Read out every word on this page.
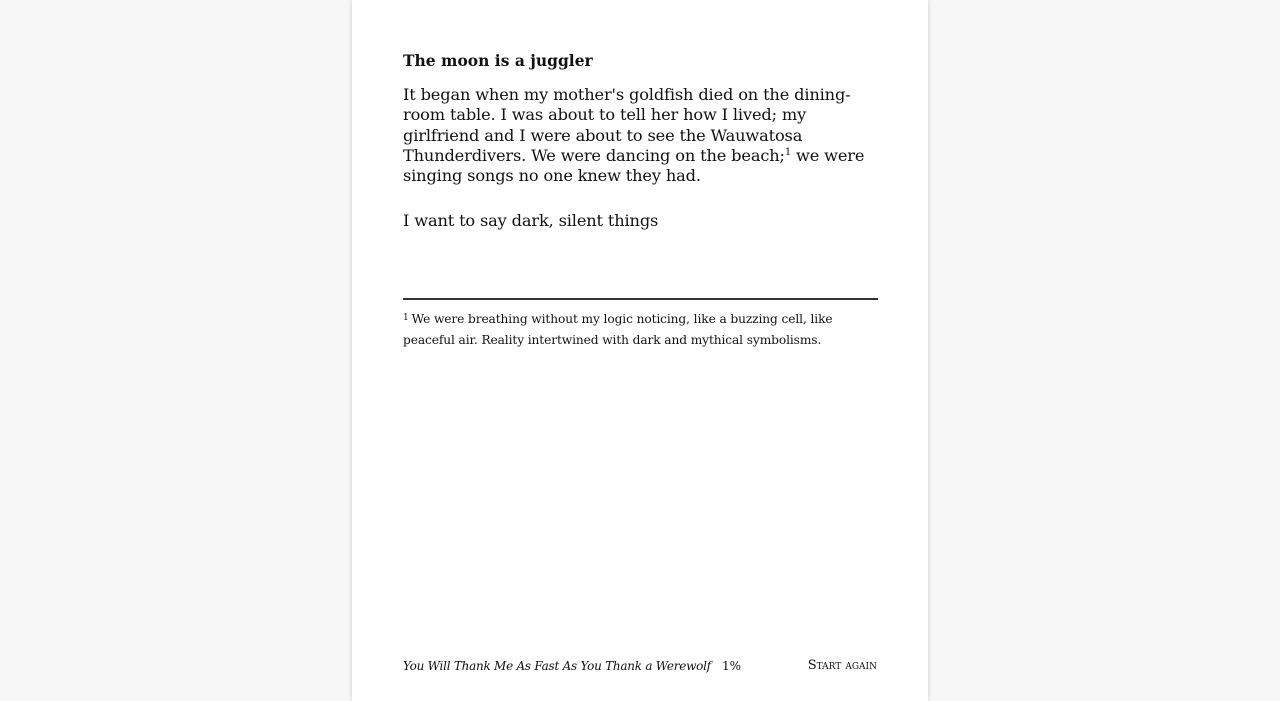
The moon is a juggler

It began when my mother's goldfish died on the dining-room table. I was about to tell her how I lived; my girlfriend and I were about to see the Wauwatosa Thunderdivers. We were dancing on the beach;$^1$ we were singing songs no one knew they had.

I want to say dark, silent things

$^1$ We were breathing without my logic noticing, like a buzzing cell, like peaceful air. Reality intertwined with dark and mythical symbolisms.
You Will Thank Me As Fast As You Thank a Werewolf 1%	Start again
